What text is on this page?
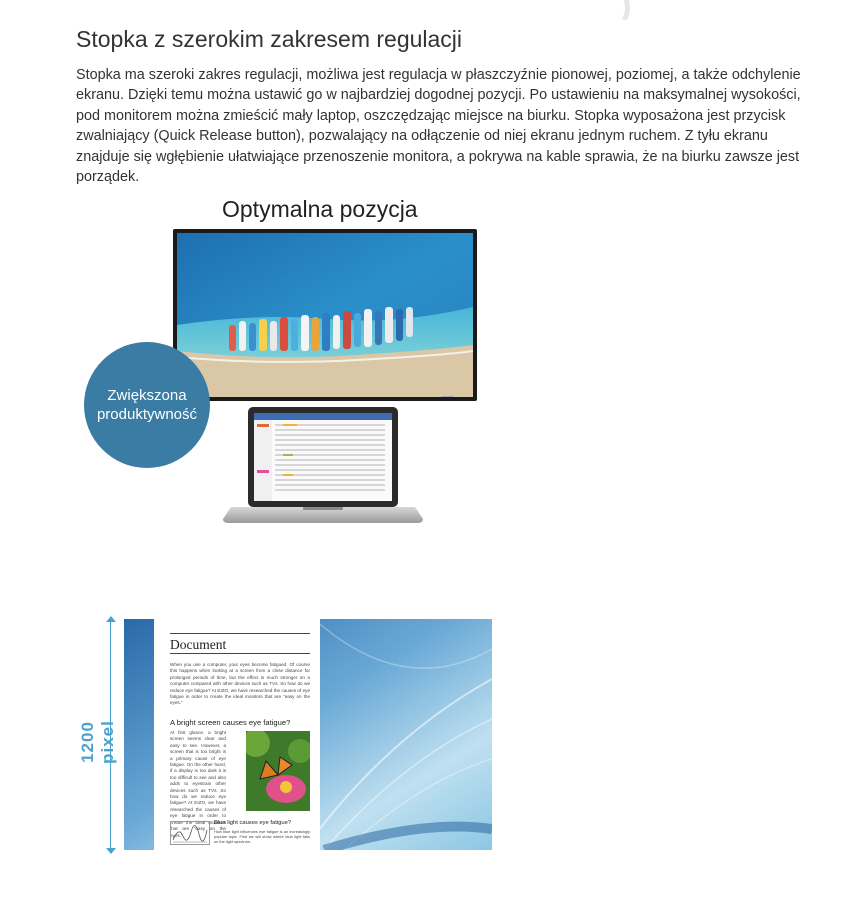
Stopka z szerokim zakresem regulacji

Stopka ma szeroki zakres regulacji, możliwa jest regulacja w płaszczyźnie pionowej, poziomej, a także odchylenie ekranu. Dzięki temu można ustawić go w najbardziej dogodnej pozycji. Po ustawieniu na maksymalnej wysokości, pod monitorem można zmieścić mały laptop, oszczędzając miejsce na biurku. Stopka wyposażona jest przycisk zwalniający (Quick Release button), pozwalający na odłączenie od niej ekranu jednym ruchem. Z tyłu ekranu znajduje się wgłębienie ułatwiające przenoszenie monitora, a pokrywa na kable sprawia, że na biurku zawsze jest porządek.

Optymalna pozycja
Zwiększona produktywność
1200 pixel
Document
When you use a computer, your eyes become fatigued. Of course this happens when looking at a screen from a close distance for prolonged periods of time, but the effect is much stronger on a computer compared with other devices such as TVs. So how do we reduce eye fatigue? At EIZO, we have researched the causes of eye fatigue in order to create the ideal monitors that are "easy on the eyes."
A bright screen causes eye fatigue?
At first glance, a bright screen seems clear and easy to see. However, a screen that is too bright is a primary cause of eye fatigue. On the other hand, if a display is too dark it is too difficult to see and also adds to eyestrain other devices such as TVs. So how do we reduce eye fatigue? At EIZO, we have researched the causes of eye fatigue in order to create the ideal monitors that are "easy on the eyes."
Blue light causes eye fatigue?
How blue light influences eye fatigue is an increasingly popular topic. First we will show where blue light falls on the light spectrum.
